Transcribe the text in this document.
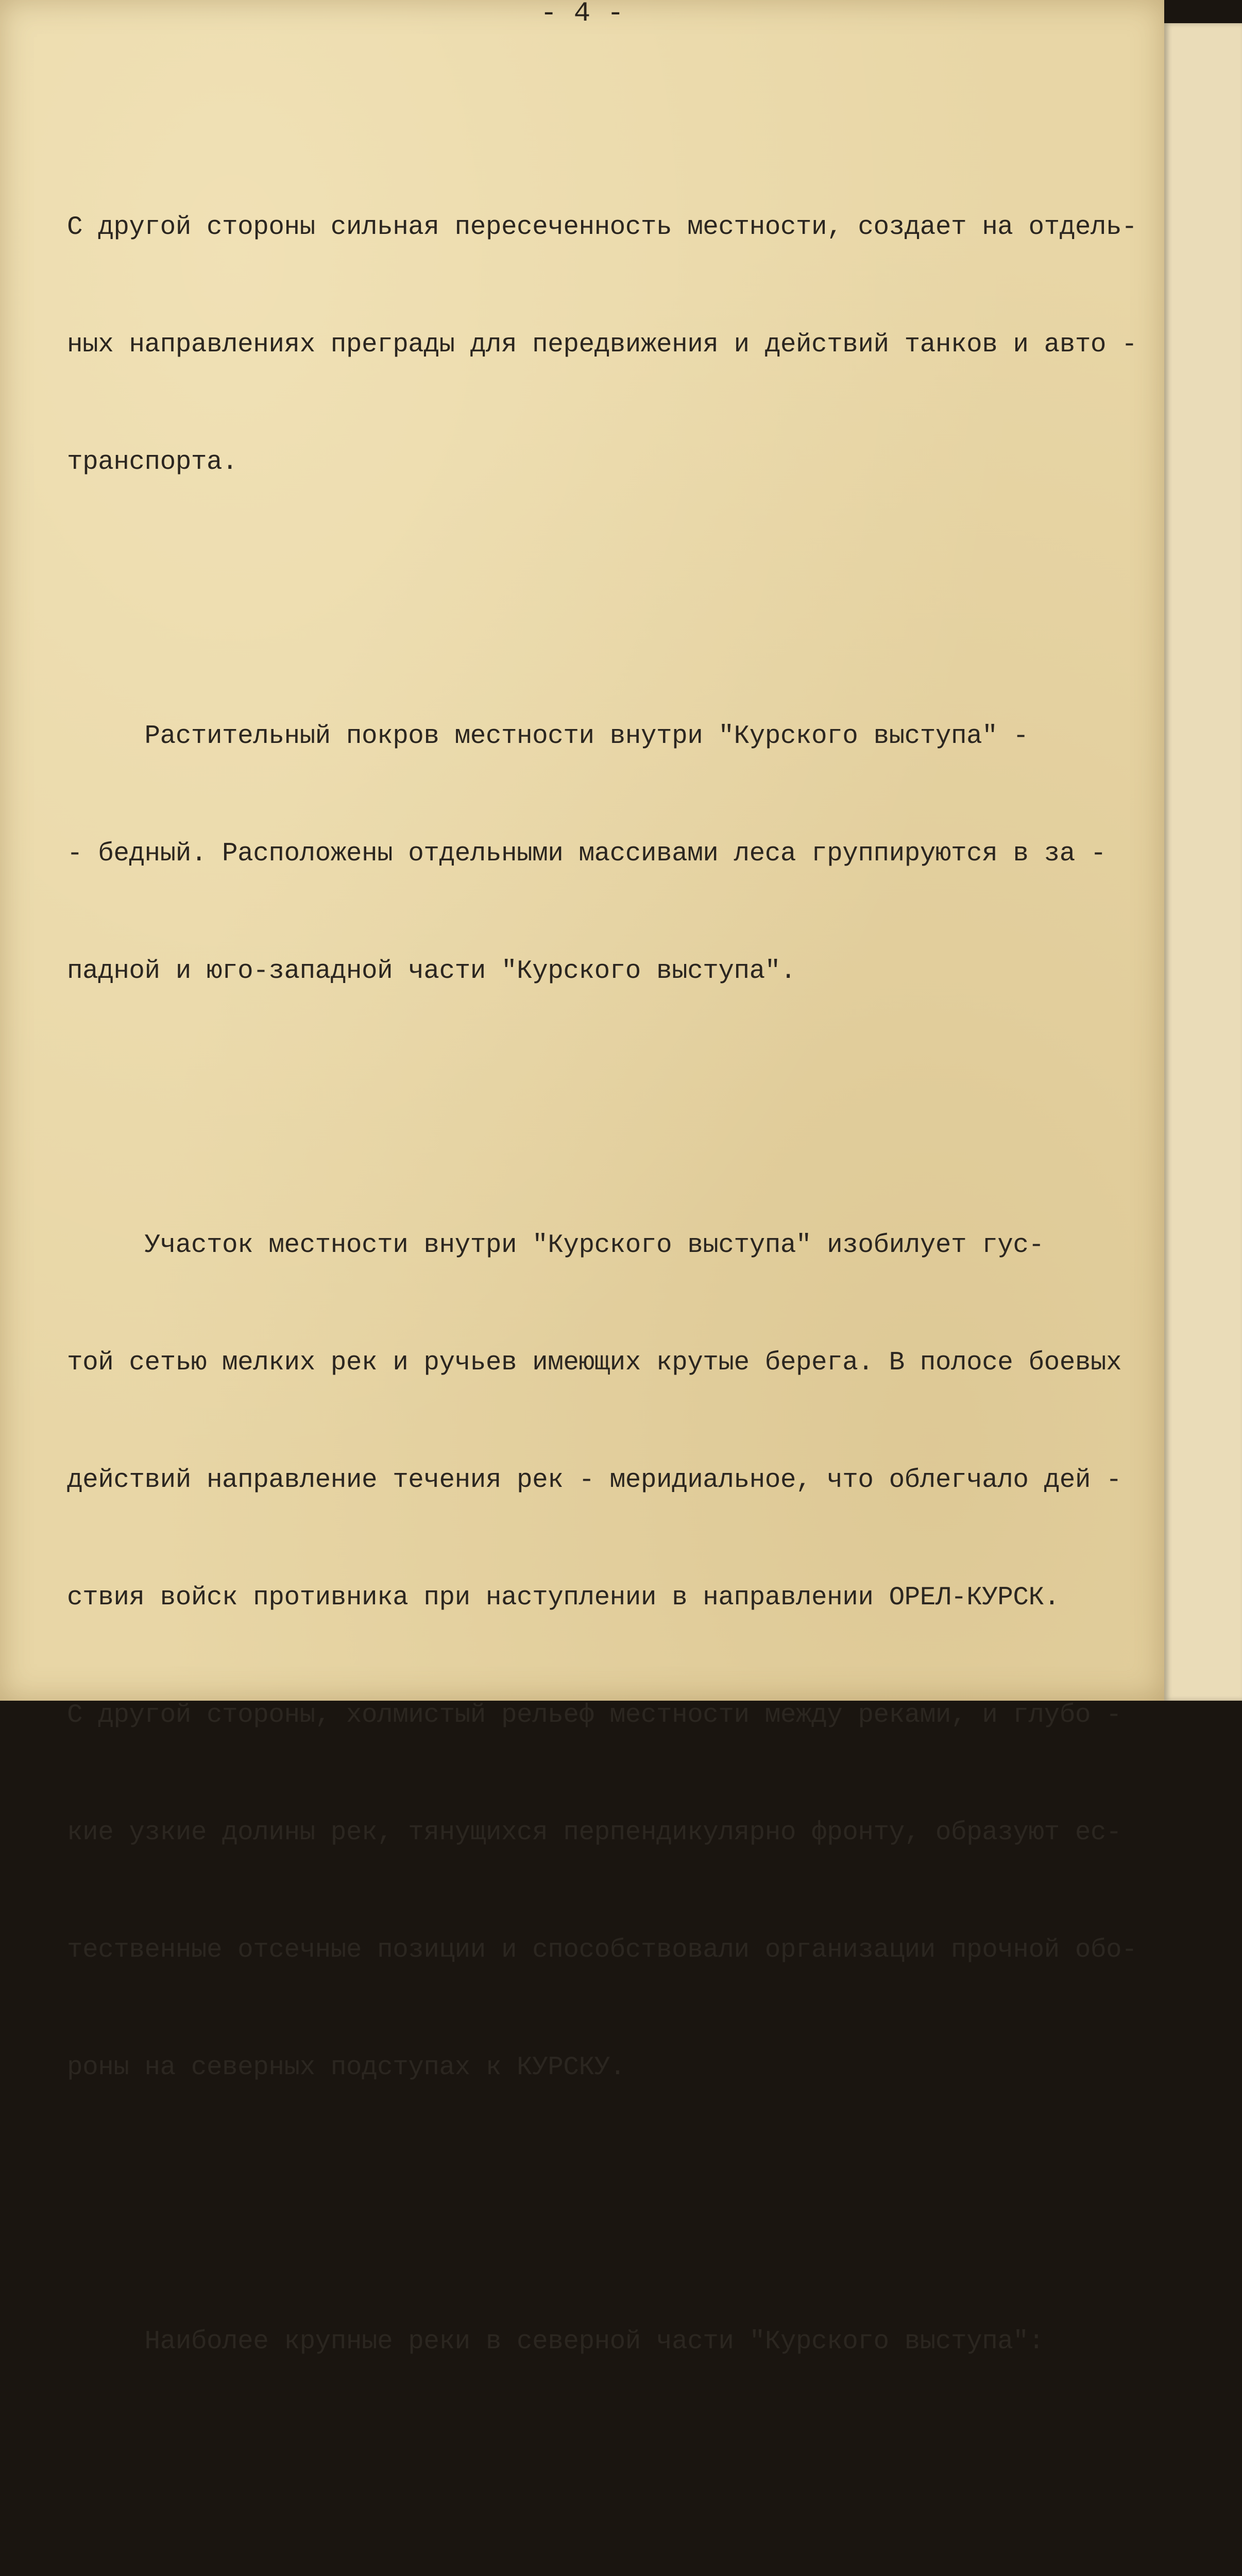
- 4 -

С другой стороны сильная пересеченность местности, создает на отдель-

ных направлениях преграды для передвижения и действий танков и авто -

транспорта.

Растительный покров местности внутри "Курского выступа" -

- бедный. Расположены отдельными массивами леса группируются в за -

падной и юго-западной части "Курского выступа".

Участок местности внутри "Курского выступа" изобилует гус-

той сетью мелких рек и ручьев имеющих крутые берега. В полосе боевых

действий направление течения рек - меридиальное, что облегчало дей -

ствия войск противника при наступлении в направлении ОРЕЛ-КУРСК.

С другой стороны, холмистый рельеф местности между реками, и глубо -

кие узкие долины рек, тянущихся перпендикулярно фронту, образуют ес-

тественные отсечные позиции и способствовали организации прочной обо-

роны на северных подступах к КУРСКУ.

Наиболее крупные реки в северной части "Курского выступа":
